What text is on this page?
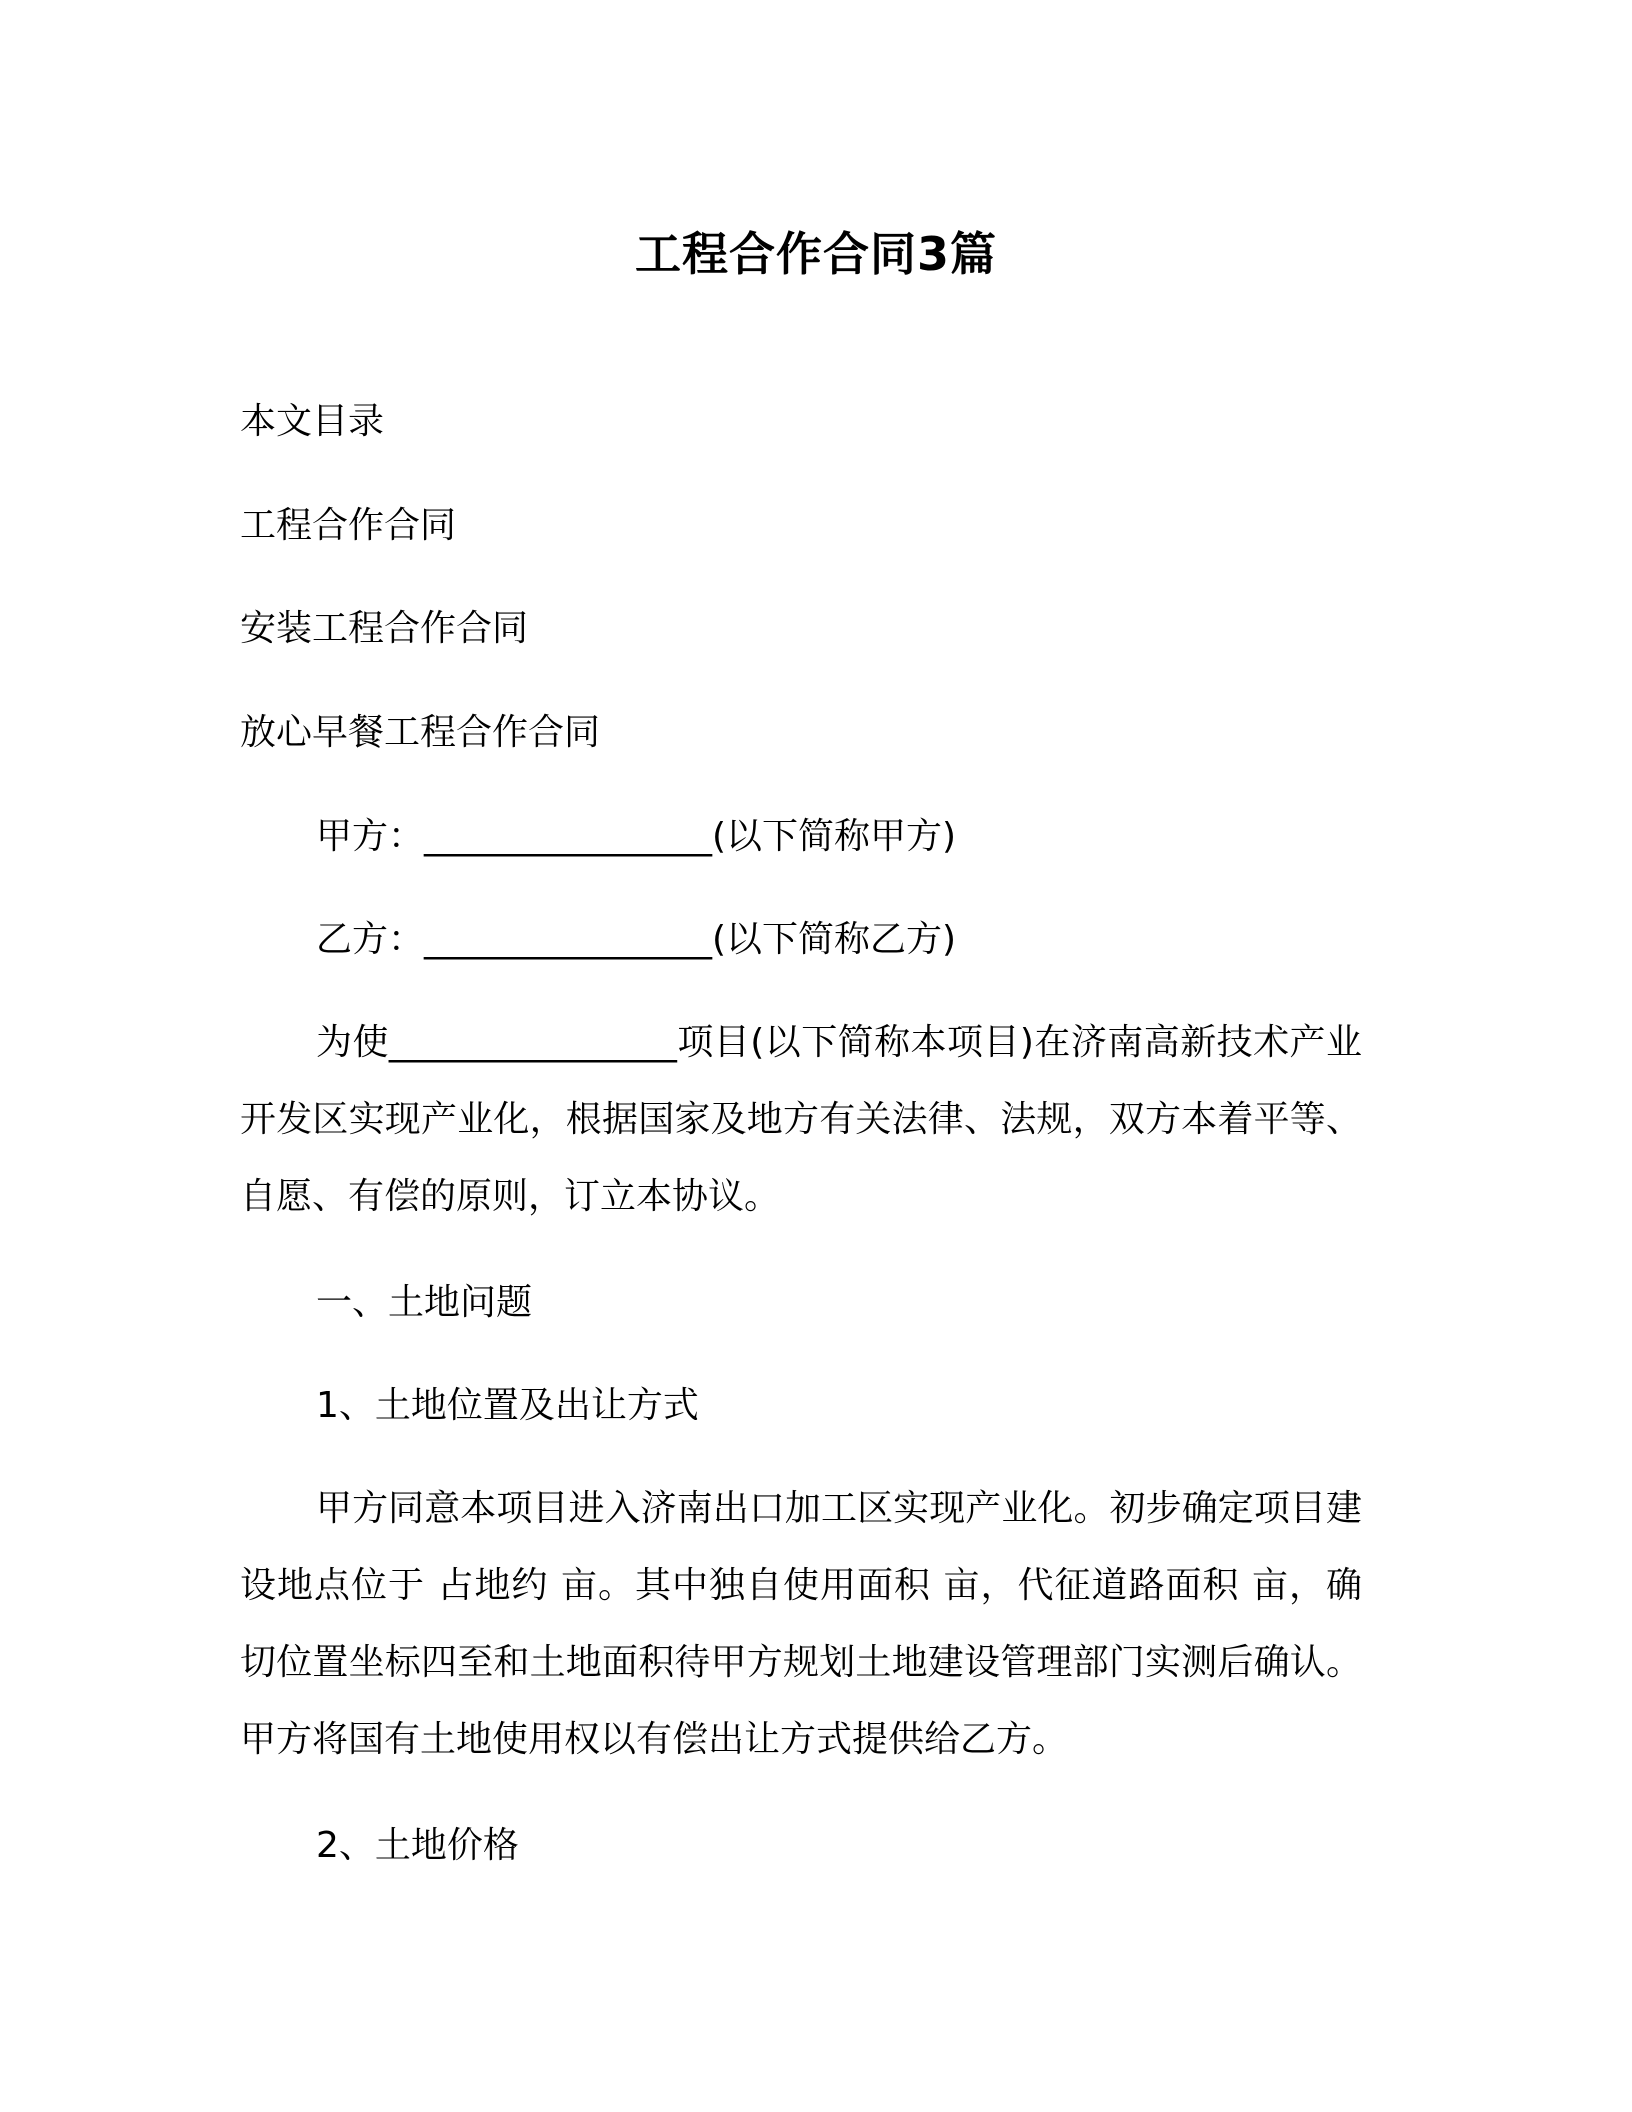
工程合作合同3篇
本文目录
工程合作合同
安装工程合作合同
放心早餐工程合作合同
甲方：________________(以下简称甲方)
乙方：________________(以下简称乙方)
为使________________项目(以下简称本项目)在济南高新技术产业开发区实现产业化，根据国家及地方有关法律、法规，双方本着平等、自愿、有偿的原则，订立本协议。
一、土地问题
1、土地位置及出让方式
甲方同意本项目进入济南出口加工区实现产业化。初步确定项目建设地点位于 占地约 亩。其中独自使用面积 亩，代征道路面积 亩，确切位置坐标四至和土地面积待甲方规划土地建设管理部门实测后确认。甲方将国有土地使用权以有偿出让方式提供给乙方。
2、土地价格
